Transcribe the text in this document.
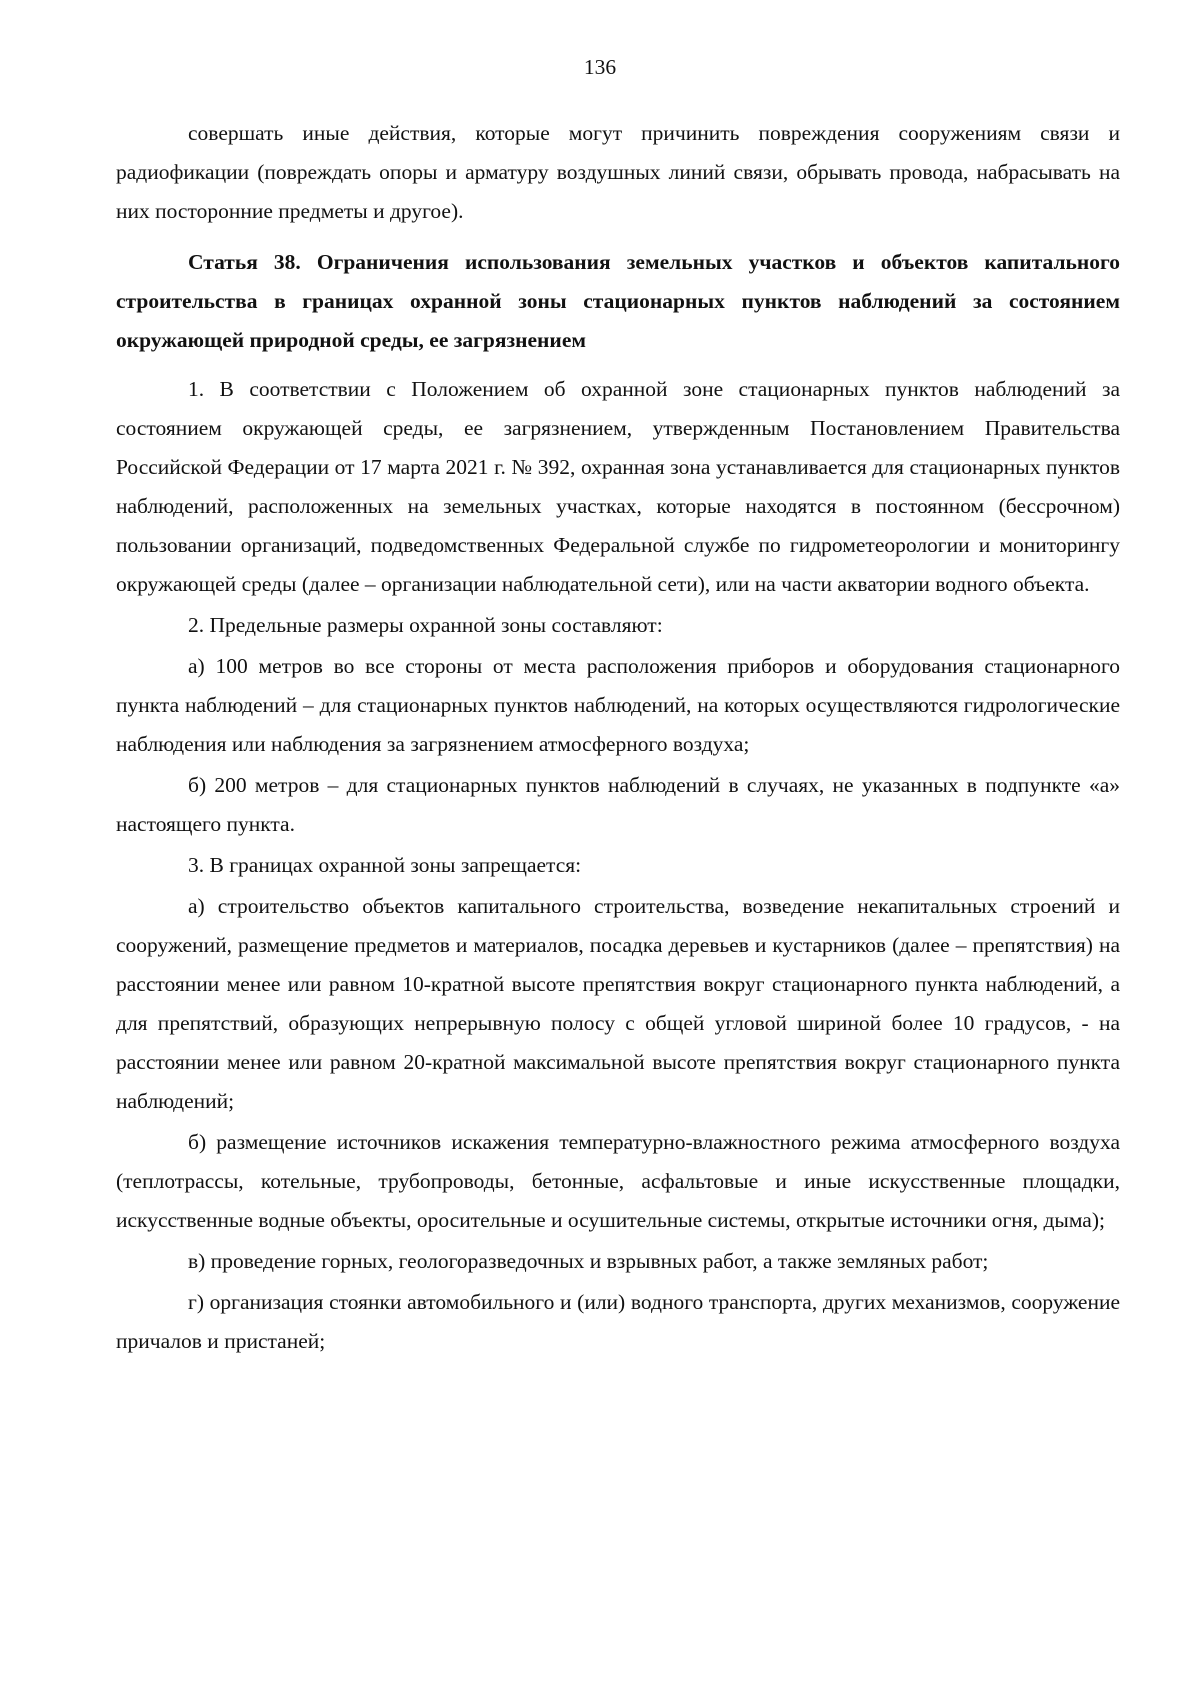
136

совершать иные действия, которые могут причинить повреждения сооружениям связи и радиофикации (повреждать опоры и арматуру воздушных линий связи, обрывать провода, набрасывать на них посторонние предметы и другое).

Статья 38. Ограничения использования земельных участков и объектов капитального строительства в границах охранной зоны стационарных пунктов наблюдений за состоянием окружающей природной среды, ее загрязнением

1. В соответствии с Положением об охранной зоне стационарных пунктов наблюдений за состоянием окружающей среды, ее загрязнением, утвержденным Постановлением Правительства Российской Федерации от 17 марта 2021 г. № 392, охранная зона устанавливается для стационарных пунктов наблюдений, расположенных на земельных участках, которые находятся в постоянном (бессрочном) пользовании организаций, подведомственных Федеральной службе по гидрометеорологии и мониторингу окружающей среды (далее – организации наблюдательной сети), или на части акватории водного объекта.

2. Предельные размеры охранной зоны составляют:

а) 100 метров во все стороны от места расположения приборов и оборудования стационарного пункта наблюдений – для стационарных пунктов наблюдений, на которых осуществляются гидрологические наблюдения или наблюдения за загрязнением атмосферного воздуха;

б) 200 метров – для стационарных пунктов наблюдений в случаях, не указанных в подпункте «а» настоящего пункта.

3. В границах охранной зоны запрещается:

а) строительство объектов капитального строительства, возведение некапитальных строений и сооружений, размещение предметов и материалов, посадка деревьев и кустарников (далее – препятствия) на расстоянии менее или равном 10-кратной высоте препятствия вокруг стационарного пункта наблюдений, а для препятствий, образующих непрерывную полосу с общей угловой шириной более 10 градусов, - на расстоянии менее или равном 20-кратной максимальной высоте препятствия вокруг стационарного пункта наблюдений;

б) размещение источников искажения температурно-влажностного режима атмосферного воздуха (теплотрассы, котельные, трубопроводы, бетонные, асфальтовые и иные искусственные площадки, искусственные водные объекты, оросительные и осушительные системы, открытые источники огня, дыма);

в) проведение горных, геологоразведочных и взрывных работ, а также земляных работ;

г) организация стоянки автомобильного и (или) водного транспорта, других механизмов, сооружение причалов и пристаней;
